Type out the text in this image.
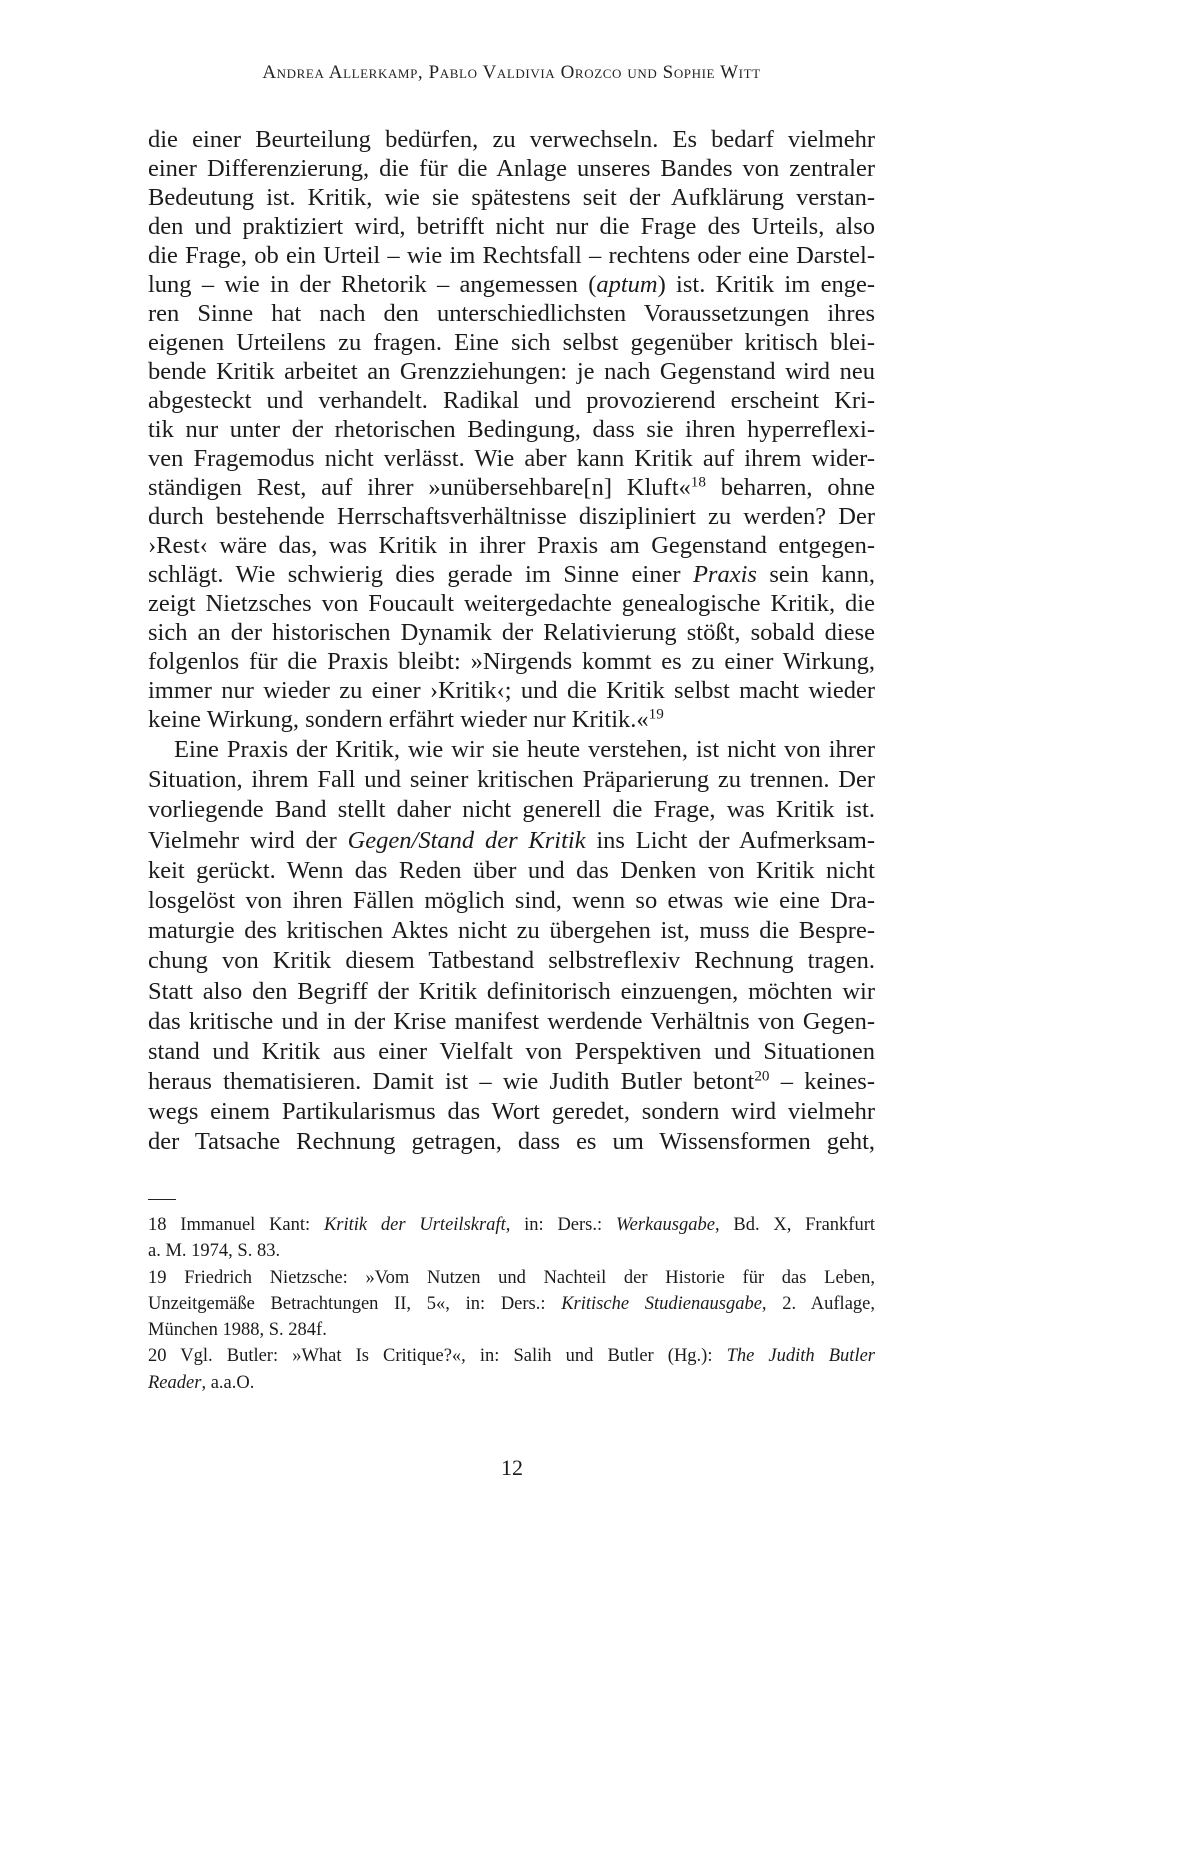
Andrea Allerkamp, Pablo Valdivia Orozco und Sophie Witt
die einer Beurteilung bedürfen, zu verwechseln. Es bedarf vielmehr
einer Differenzierung, die für die Anlage unseres Bandes von zentraler
Bedeutung ist. Kritik, wie sie spätestens seit der Aufklärung verstan-
den und praktiziert wird, betrifft nicht nur die Frage des Urteils, also
die Frage, ob ein Urteil – wie im Rechtsfall – rechtens oder eine Darstel-
lung – wie in der Rhetorik – angemessen (aptum) ist. Kritik im enge-
ren Sinne hat nach den unterschiedlichsten Voraussetzungen ihres
eigenen Urteilens zu fragen. Eine sich selbst gegenüber kritisch blei-
bende Kritik arbeitet an Grenzziehungen: je nach Gegenstand wird neu
abgesteckt und verhandelt. Radikal und provozierend erscheint Kri-
tik nur unter der rhetorischen Bedingung, dass sie ihren hyperreflexi-
ven Fragemodus nicht verlässt. Wie aber kann Kritik auf ihrem wider-
ständigen Rest, auf ihrer »unübersehbare[n] Kluft«$^{18}$ beharren, ohne
durch bestehende Herrschaftsverhältnisse diszipliniert zu werden? Der
›Rest‹ wäre das, was Kritik in ihrer Praxis am Gegenstand entgegen-
schlägt. Wie schwierig dies gerade im Sinne einer Praxis sein kann,
zeigt Nietzsches von Foucault weitergedachte genealogische Kritik, die
sich an der historischen Dynamik der Relativierung stößt, sobald diese
folgenlos für die Praxis bleibt: »Nirgends kommt es zu einer Wirkung,
immer nur wieder zu einer ›Kritik‹; und die Kritik selbst macht wieder
keine Wirkung, sondern erfährt wieder nur Kritik.«$^{19}$
Eine Praxis der Kritik, wie wir sie heute verstehen, ist nicht von ihrer
Situation, ihrem Fall und seiner kritischen Präparierung zu trennen. Der
vorliegende Band stellt daher nicht generell die Frage, was Kritik ist.
Vielmehr wird der Gegen/Stand der Kritik ins Licht der Aufmerksam-
keit gerückt. Wenn das Reden über und das Denken von Kritik nicht
losgelöst von ihren Fällen möglich sind, wenn so etwas wie eine Dra-
maturgie des kritischen Aktes nicht zu übergehen ist, muss die Bespre-
chung von Kritik diesem Tatbestand selbstreflexiv Rechnung tragen.
Statt also den Begriff der Kritik definitorisch einzuengen, möchten wir
das kritische und in der Krise manifest werdende Verhältnis von Gegen-
stand und Kritik aus einer Vielfalt von Perspektiven und Situationen
heraus thematisieren. Damit ist – wie Judith Butler betont$^{20}$ – keines-
wegs einem Partikularismus das Wort geredet, sondern wird vielmehr
der Tatsache Rechnung getragen, dass es um Wissensformen geht,
18 Immanuel Kant: Kritik der Urteilskraft, in: Ders.: Werkausgabe, Bd. X, Frankfurt
a. M. 1974, S. 83.
19 Friedrich Nietzsche: »Vom Nutzen und Nachteil der Historie für das Leben,
Unzeitgemäße Betrachtungen II, 5«, in: Ders.: Kritische Studienausgabe, 2. Auflage,
München 1988, S. 284f.
20 Vgl. Butler: »What Is Critique?«, in: Salih und Butler (Hg.): The Judith Butler
Reader, a.a.O.
12
